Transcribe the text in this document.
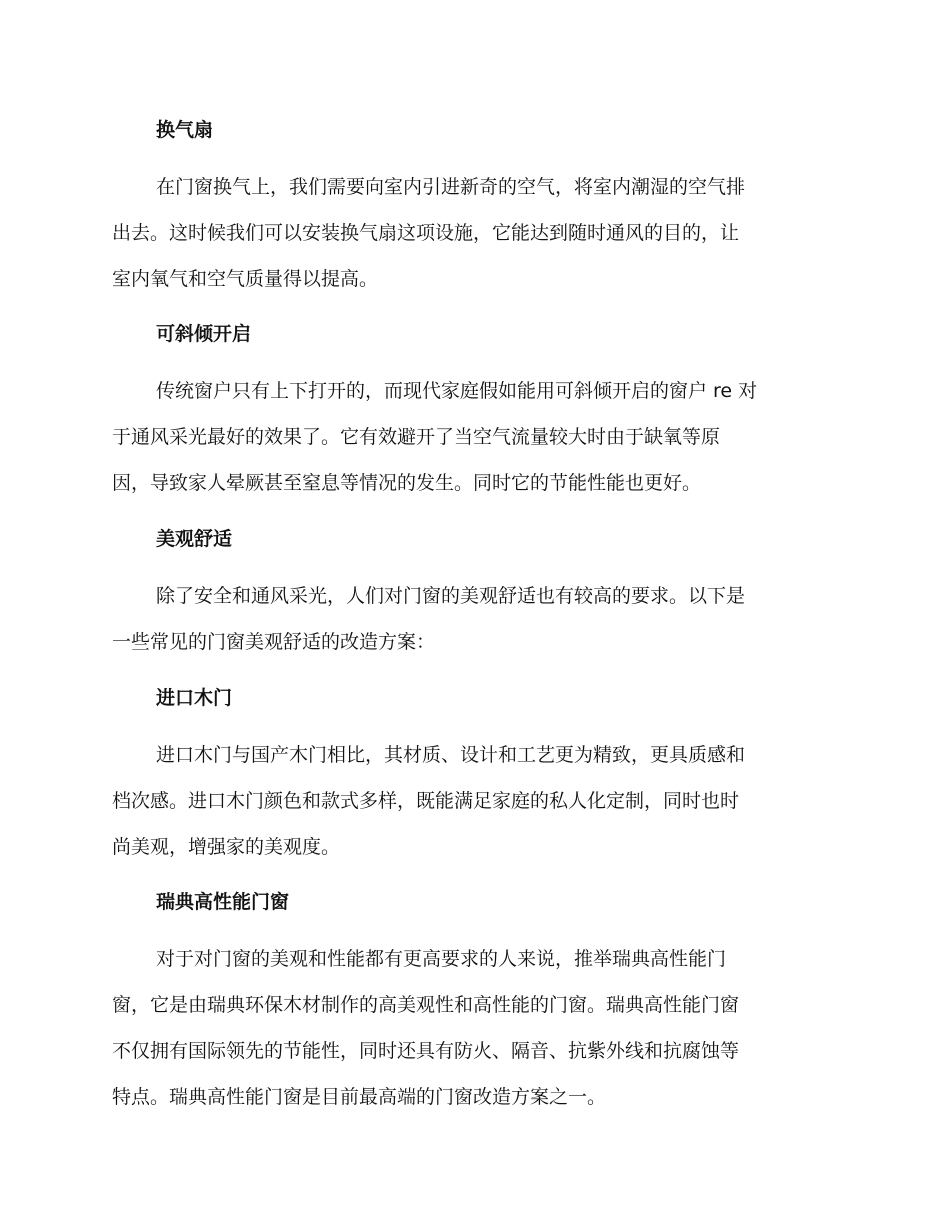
换气扇
在门窗换气上，我们需要向室内引进新奇的空气，将室内潮湿的空气排
出去。这时候我们可以安装换气扇这项设施，它能达到随时通风的目的，让
室内氧气和空气质量得以提高。
可斜倾开启
传统窗户只有上下打开的，而现代家庭假如能用可斜倾开启的窗户 re 对
于通风采光最好的效果了。它有效避开了当空气流量较大时由于缺氧等原
因，导致家人晕厥甚至窒息等情况的发生。同时它的节能性能也更好。
美观舒适
除了安全和通风采光，人们对门窗的美观舒适也有较高的要求。以下是
一些常见的门窗美观舒适的改造方案：
进口木门
进口木门与国产木门相比，其材质、设计和工艺更为精致，更具质感和
档次感。进口木门颜色和款式多样，既能满足家庭的私人化定制，同时也时
尚美观，增强家的美观度。
瑞典高性能门窗
对于对门窗的美观和性能都有更高要求的人来说，推举瑞典高性能门
窗，它是由瑞典环保木材制作的高美观性和高性能的门窗。瑞典高性能门窗
不仅拥有国际领先的节能性，同时还具有防火、隔音、抗紫外线和抗腐蚀等
特点。瑞典高性能门窗是目前最高端的门窗改造方案之一。
